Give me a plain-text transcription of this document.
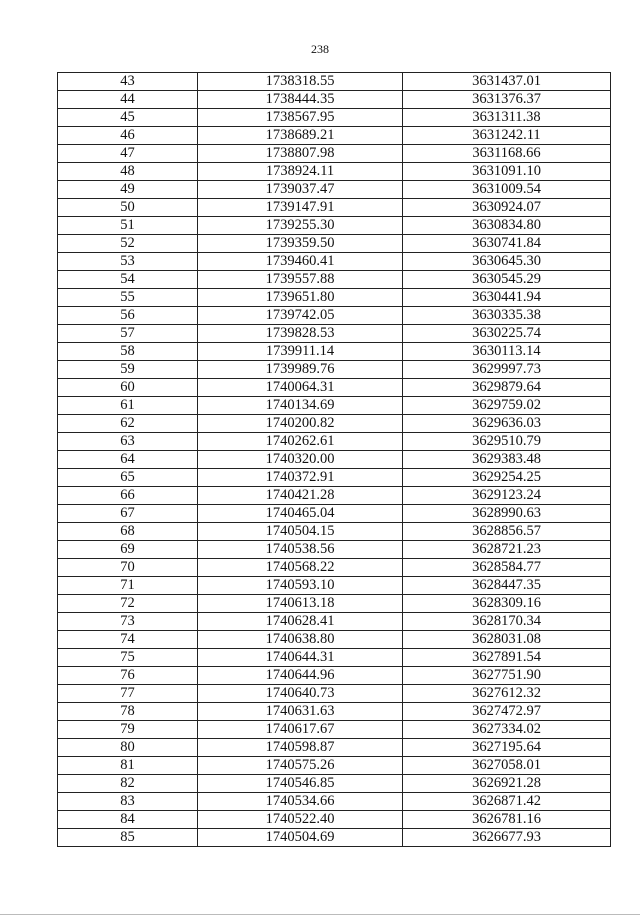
238
43	1738318.55	3631437.01
44	1738444.35	3631376.37
45	1738567.95	3631311.38
46	1738689.21	3631242.11
47	1738807.98	3631168.66
48	1738924.11	3631091.10
49	1739037.47	3631009.54
50	1739147.91	3630924.07
51	1739255.30	3630834.80
52	1739359.50	3630741.84
53	1739460.41	3630645.30
54	1739557.88	3630545.29
55	1739651.80	3630441.94
56	1739742.05	3630335.38
57	1739828.53	3630225.74
58	1739911.14	3630113.14
59	1739989.76	3629997.73
60	1740064.31	3629879.64
61	1740134.69	3629759.02
62	1740200.82	3629636.03
63	1740262.61	3629510.79
64	1740320.00	3629383.48
65	1740372.91	3629254.25
66	1740421.28	3629123.24
67	1740465.04	3628990.63
68	1740504.15	3628856.57
69	1740538.56	3628721.23
70	1740568.22	3628584.77
71	1740593.10	3628447.35
72	1740613.18	3628309.16
73	1740628.41	3628170.34
74	1740638.80	3628031.08
75	1740644.31	3627891.54
76	1740644.96	3627751.90
77	1740640.73	3627612.32
78	1740631.63	3627472.97
79	1740617.67	3627334.02
80	1740598.87	3627195.64
81	1740575.26	3627058.01
82	1740546.85	3626921.28
83	1740534.66	3626871.42
84	1740522.40	3626781.16
85	1740504.69	3626677.93
